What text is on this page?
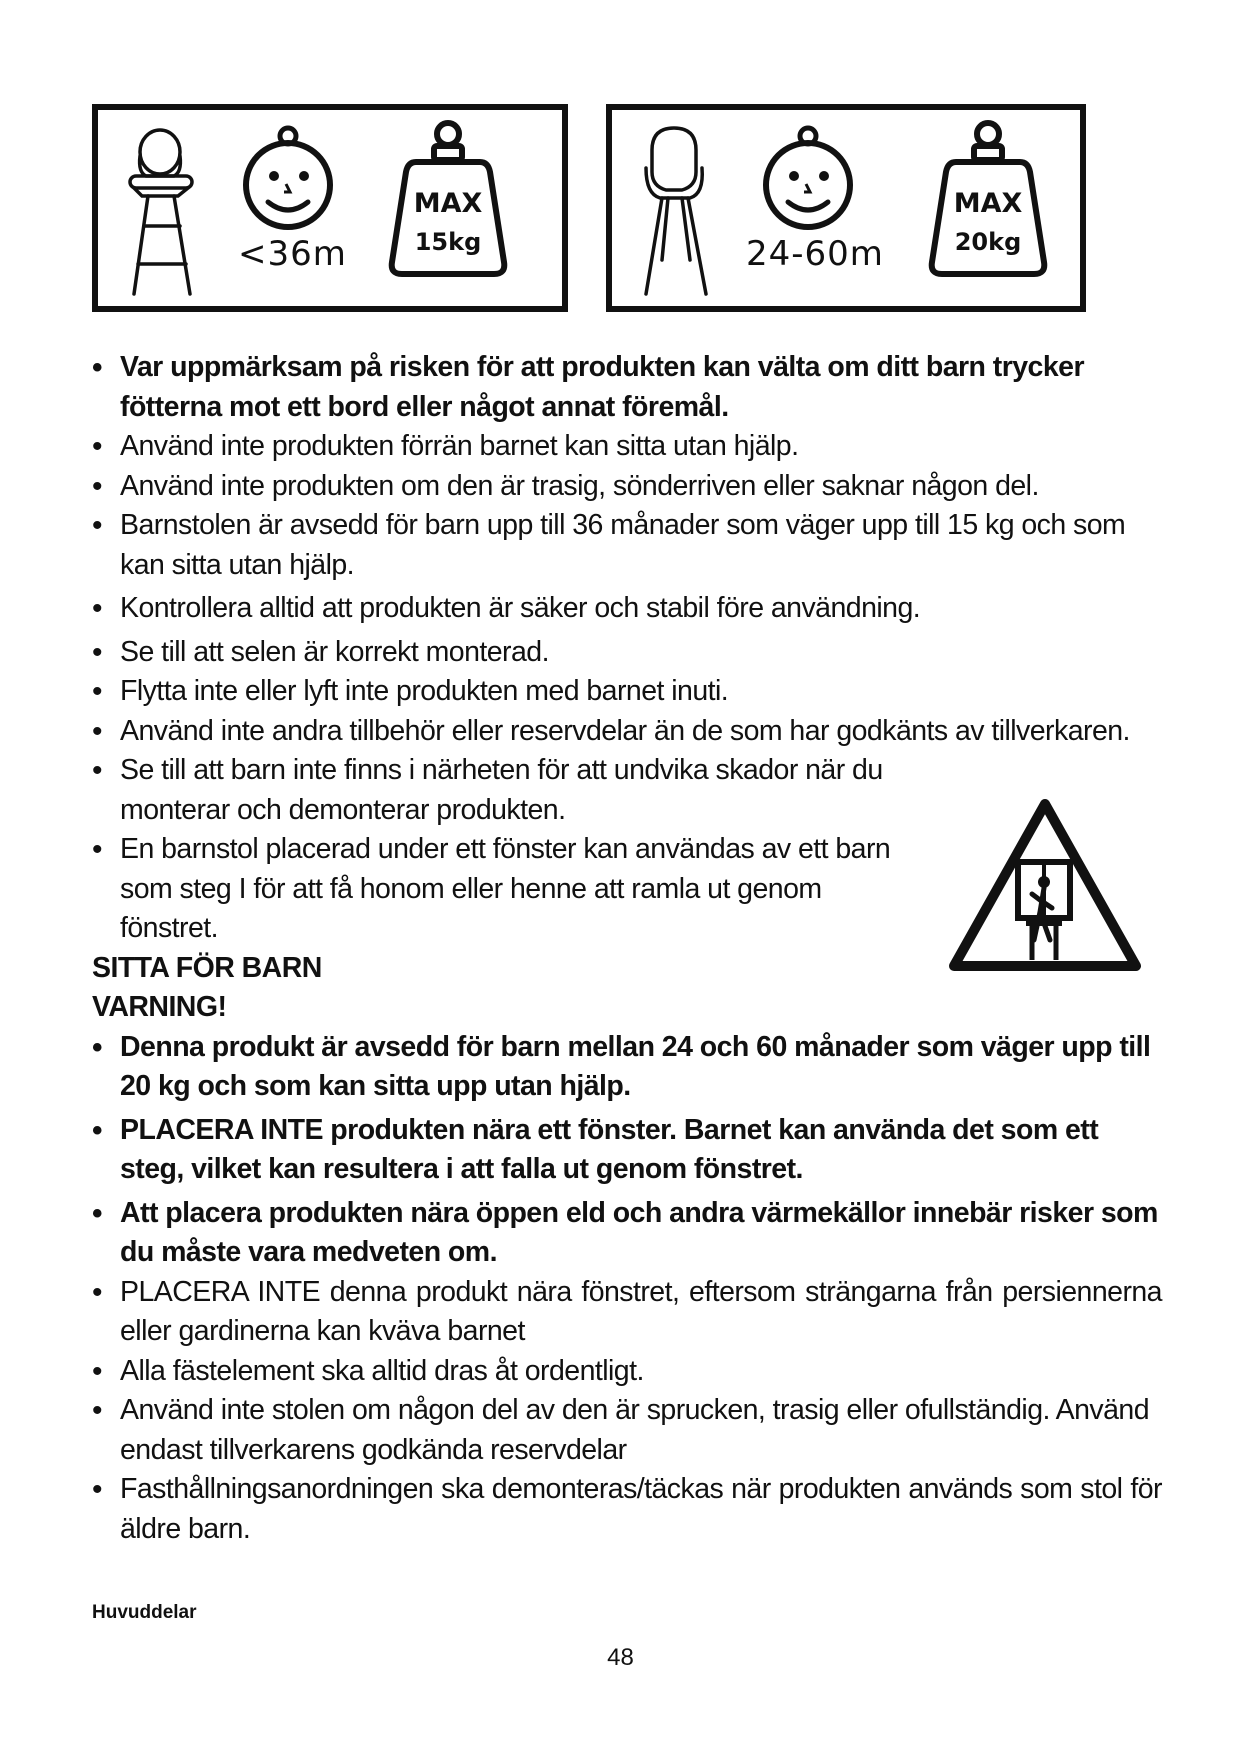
<36m
MAX
15kg	24-60m
MAX
20kg
• Var uppmärksam på risken för att produkten kan välta om ditt barn trycker fötterna mot ett bord eller något annat föremål.
• Använd inte produkten förrän barnet kan sitta utan hjälp.
• Använd inte produkten om den är trasig, sönderriven eller saknar någon del.
• Barnstolen är avsedd för barn upp till 36 månader som väger upp till 15 kg och som kan sitta utan hjälp.
• Kontrollera alltid att produkten är säker och stabil före användning.
• Se till att selen är korrekt monterad.
• Flytta inte eller lyft inte produkten med barnet inuti.
• Använd inte andra tillbehör eller reservdelar än de som har godkänts av tillverkaren.
• Se till att barn inte finns i närheten för att undvika skador när du monterar och demonterar produkten.
• En barnstol placerad under ett fönster kan användas av ett barn som steg I för att få honom eller henne att ramla ut genom fönstret.
SITTA FÖR BARN
VARNING!
• Denna produkt är avsedd för barn mellan 24 och 60 månader som väger upp till 20 kg och som kan sitta upp utan hjälp.
• PLACERA INTE produkten nära ett fönster. Barnet kan använda det som ett steg, vilket kan resultera i att falla ut genom fönstret.
• Att placera produkten nära öppen eld och andra värmekällor innebär risker som du måste vara medveten om.
• PLACERA INTE denna produkt nära fönstret, eftersom strängarna från persiennerna eller gardinerna kan kväva barnet
• Alla fästelement ska alltid dras åt ordentligt.
• Använd inte stolen om någon del av den är sprucken, trasig eller ofullständig. Använd endast tillverkarens godkända reservdelar
• Fasthållningsanordningen ska demonteras/täckas när produkten används som stol för äldre barn.
Huvuddelar
48
